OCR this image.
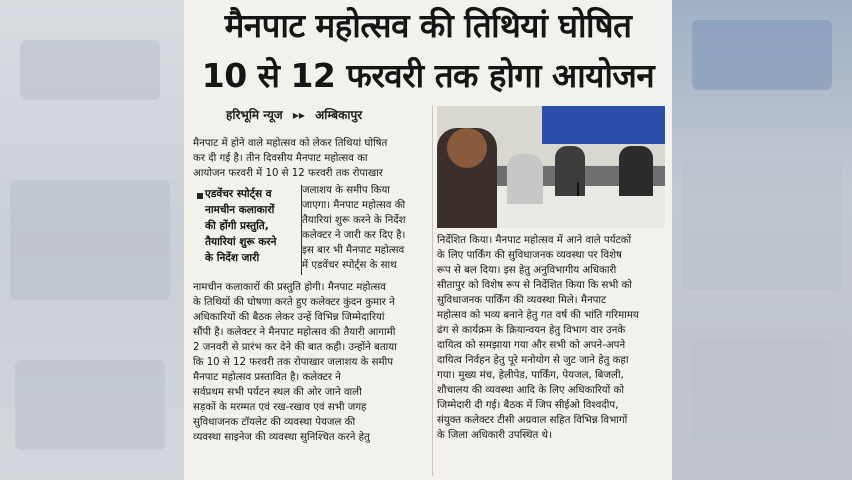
मैनपाट महोत्सव की तिथियां घोषित
10 से 12 फरवरी तक होगा आयोजन
हरिभूमि न्यूज ▸▸ अम्बिकापुर
मैनपाट में होने वाले महोत्सव को लेकर तिथियां घोषित
कर दी गई है। तीन दिवसीय मैनपाट महोत्सव का
आयोजन फरवरी में 10 से 12 फरवरी तक रोपाखार
एडवेंचर स्पोर्ट्स व
नामचीन कलाकारों
की होंगी प्रस्तुति,
तैयारियां शुरू करने
के निर्देश जारी
जलाशय के समीप किया
जाएगा। मैनपाट महोत्सव की
तैयारियां शुरू करने के निर्देश
कलेक्टर ने जारी कर दिए है।
इस बार भी मैनपाट महोत्सव
में एडवेंचर स्पोर्ट्स के साथ
नामचीन कलाकारों की प्रस्तुति होगी। मैनपाट महोत्सव
के तिथियों की घोषणा करते हुए कलेक्टर कुंदन कुमार ने
अधिकारियों की बैठक लेकर उन्हें विभिन्न जिम्मेदारियां
सौंपी है। कलेक्टर ने मैनपाट महोत्सव की तैयारी आगामी
2 जनवरी से प्रारंभ कर देने की बात कही। उन्होंने बताया
कि 10 से 12 फरवरी तक रोपाखार जलाशय के समीप
मैनपाट महोत्सव प्रस्तावित है। कलेक्टर ने
सर्वप्रथम सभी पर्यटन स्थल की ओर जाने वाली
सड़कों के मरम्मत एवं रख-रखाव एवं सभी जगह
सुविधाजनक टॉयलेट की व्यवस्था पेयजल की
व्यवस्था साइनेज की व्यवस्था सुनिश्चित करने हेतु
निर्देशित किया। मैनपाट महोत्सव में आने वाले पर्यटकों
के लिए पार्किंग की सुविधाजनक व्यवस्था पर विशेष
रूप से बल दिया। इस हेतु अनुविभागीय अधिकारी
सीतापुर को विशेष रूप से निर्देशित किया कि सभी को
सुविधाजनक पार्किंग की व्यवस्था मिले। मैनपाट
महोत्सव को भव्य बनाने हेतु गत वर्ष की भांति गरिमामय
ढंग से कार्यक्रम के क्रियान्वयन हेतु विभाग वार उनके
दायित्व को समझाया गया और सभी को अपने-अपने
दायित्व निर्वहन हेतु पूरे मनोयोग से जुट जाने हेतु कहा
गया। मुख्य मंच, हेलीपेड, पार्किंग, पेयजल, बिजली,
शौचालय की व्यवस्था आदि के लिए अधिकारियों को
जिम्मेदारी दी गई। बैठक में जिप सीईओ विश्वदीप,
संयुक्त कलेक्टर टीसी अग्रवाल सहित विभिन्न विभागों
के जिला अधिकारी उपस्थित थे।
